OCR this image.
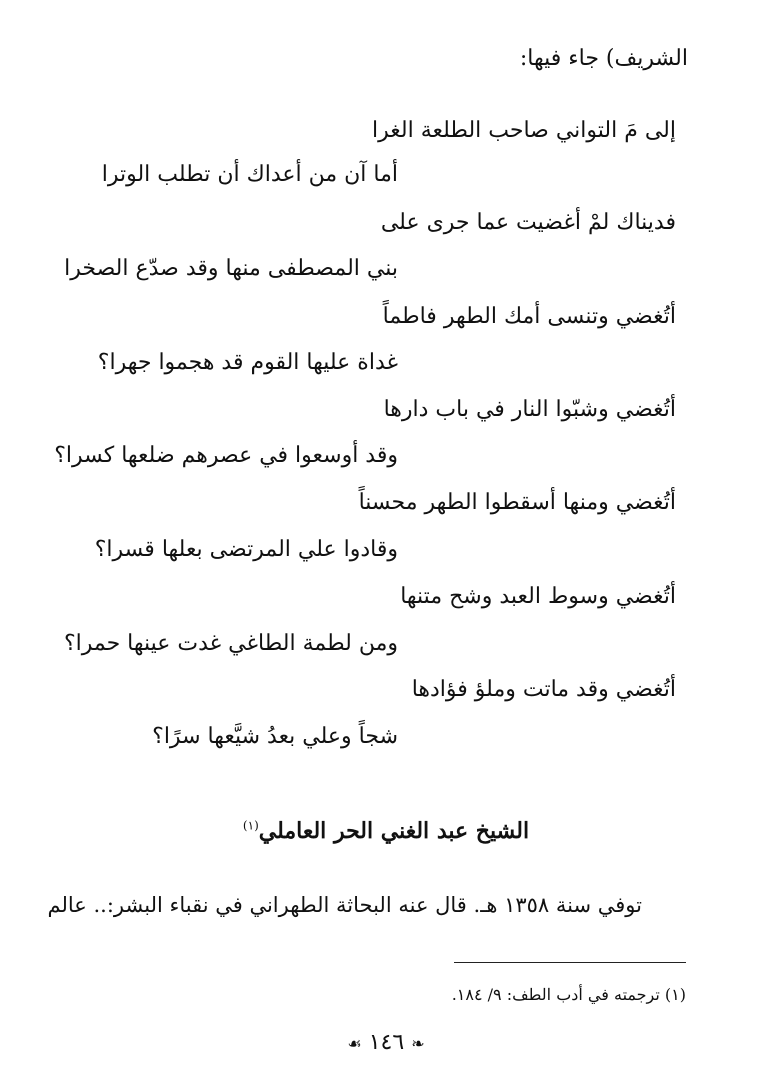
الشريف) جاء فيها:
إلى مَ التواني صاحب الطلعة الغرا
أما آن من أعداك أن تطلب الوترا
فديناك لمْ أغضيت عما جرى على
بني المصطفى منها وقد صدّع الصخرا
أتُغضي وتنسى أمك الطهر فاطماً
غداة عليها القوم قد هجموا جهرا؟
أتُغضي وشبّوا النار في باب دارها
وقد أوسعوا في عصرهم ضلعها كسرا؟
أتُغضي ومنها أسقطوا الطهر محسناً
وقادوا علي المرتضى بعلها قسرا؟
أتُغضي وسوط العبد وشح متنها
ومن لطمة الطاغي غدت عينها حمرا؟
أتُغضي وقد ماتت وملؤ فؤادها
شجاً وعلي بعدُ شيَّعها سرًا؟
الشيخ عبد الغني الحر العاملي$^{(١)}$
توفي سنة ١٣٥٨ هـ. قال عنه البحاثة الطهراني في نقباء البشر:.. عالم
(١) ترجمته في أدب الطف: ٩/ ١٨٤.
☙ ١٤٦ ❧
